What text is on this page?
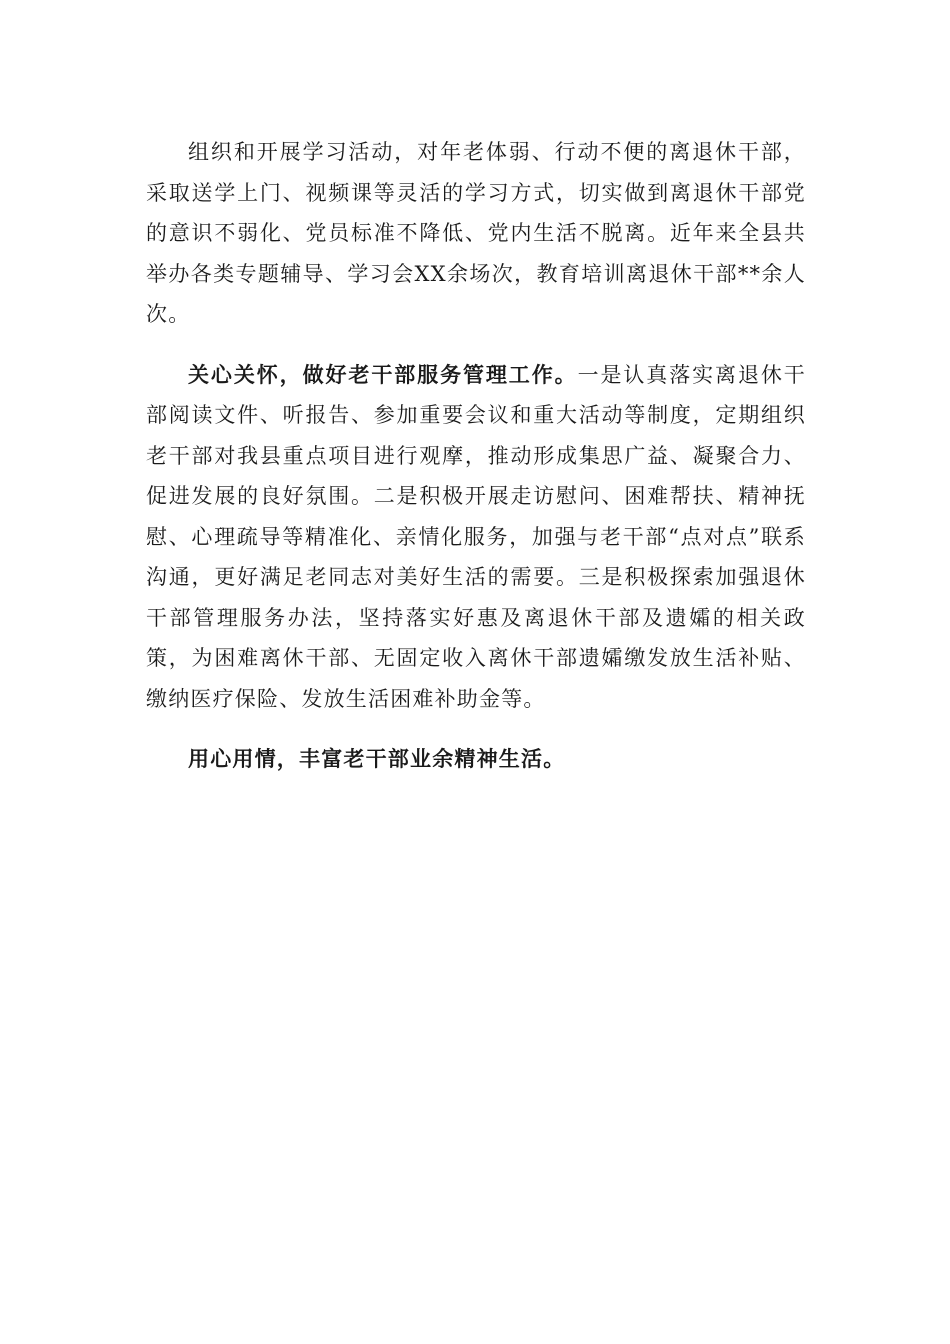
组织和开展学习活动，对年老体弱、行动不便的离退休干部，采取送学上门、视频课等灵活的学习方式，切实做到离退休干部党的意识不弱化、党员标准不降低、党内生活不脱离。近年来全县共举办各类专题辅导、学习会XX余场次，教育培训离退休干部**余人次。

关心关怀，做好老干部服务管理工作。一是认真落实离退休干部阅读文件、听报告、参加重要会议和重大活动等制度，定期组织老干部对我县重点项目进行观摩，推动形成集思广益、凝聚合力、促进发展的良好氛围。二是积极开展走访慰问、困难帮扶、精神抚慰、心理疏导等精准化、亲情化服务，加强与老干部“点对点”联系沟通，更好满足老同志对美好生活的需要。三是积极探索加强退休干部管理服务办法，坚持落实好惠及离退休干部及遗孀的相关政策，为困难离休干部、无固定收入离休干部遗孀缴发放生活补贴、缴纳医疗保险、发放生活困难补助金等。

用心用情，丰富老干部业余精神生活。
